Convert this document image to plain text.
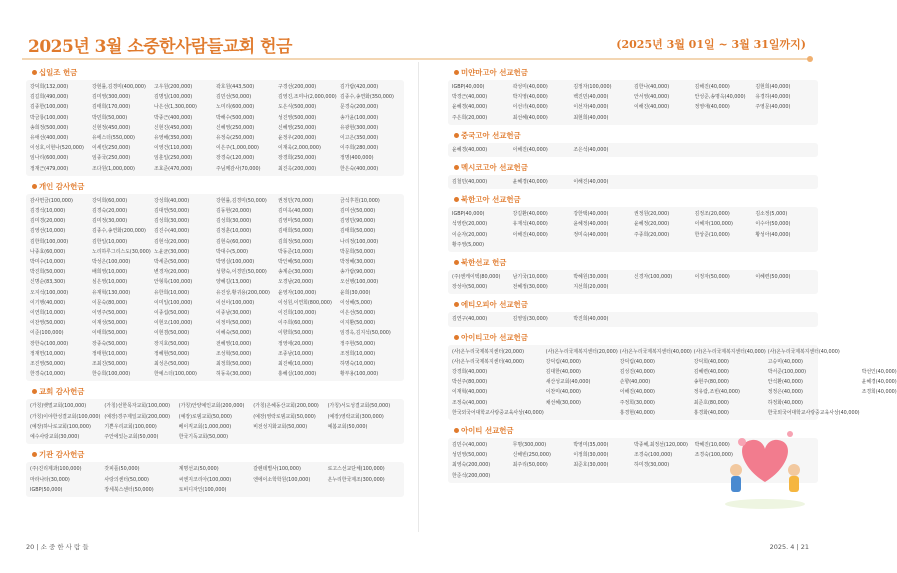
2025년 3월 소중한사람들교회 헌금	(2025년 3월 01일 ~ 3월 31일까지)
십일조 헌금
강덕희(132,000)	강현률,김경미(400,000)	고우원(200,000)	곽호원(443,500)	구경선(200,000)	김가람(420,000)
김길희(490,000)	김미영(300,000)	김명일(100,000)	김민선(50,000)	김영진,조미나(2,000,000) 김종수,송연화(350,000)
김종한(100,000)	김태희(170,000)	나은선(1,300,000)	노미리(600,000)	도은식(500,000)	문경숙(200,000)
박금룡(100,000)	박민희(50,000)	박종근(400,000)	박해수(500,000)	성진영(500,000)	송가윤(100,000)
송희정(500,000)	신현정(450,000)	신현진(450,000)	신혜영(250,000)	신혜영(250,000)	유광현(300,000)
유애선(400,000)	유에스더(550,000)	유영해(350,000)	유정숙(250,000)	윤정우(200,000)	이고은(350,000)
이성호,이현나(520,000)	이세린(250,000)	이영건(110,000)	이은주(1,000,000)	이재욱(2,000,000)	이주희(280,000)
임나리(600,000)	임종국(250,000)	임훈일(250,000)	장경숙(120,000)	장경희(250,000)	정명(400,000)
정재근(479,000)	조다원(1,000,000)	조효준(470,000)	주님께감사(70,000)	최진옥(200,000)	한은숙(400,000)
개인 감사헌금
감사헌금(100,000)	강덕희(60,000)	강성희(40,000)	강현률,김경미(50,000)	권정민(70,000)	금석후원(10,000)
김경석(10,000)	김경숙(20,000)	김대연(50,000)	김동현(20,000)	김미옥(40,000)	김미선(50,000)
김미경(20,000)	김미정(30,000)	김성희(30,000)	김성희(30,000)	김영미(50,000)	김영민(90,000)
김영선(10,000)	김종수,송연화(200,000)	김진수(40,000)	김정훈(10,000)	김태희(50,000)	김태희(50,000)
김한희(100,000)	김한일(10,000)	김현석(20,000)	김현숙(60,000)	김희정(50,000)	나리정(100,000)
나종효(60,000)	노리하루그리스도(30,000) 노윤균(30,000)	박대수(5,000)	박동준(10,000)	박문희(50,000)
박미수(10,000)	박성은(100,000)	박세준(50,000)	박영실(100,000)	박인혜(50,000)	박정혜(30,000)
박진희(50,000)	배희영(10,000)	변경자(20,000)	성향숙,이경민(50,000)	송계순(30,000)	송가람(90,000)
신명순(83,300)	심은영(10,000)	안형록(100,000)	양혜길(13,000)	오경남(20,000)	오선행(100,000)
오지석(100,000)	유재혁(130,000)	유한희(10,000)	유진상,황귀용(200,000)	윤영자(100,000)	윤희(30,000)
이기행(40,000)	이문숙(80,000)	이미일(100,000)	이선이(100,000)	이성원,이연희(800,000)	이성혜(5,000)
이연희(10,000)	이영주(50,000)	이종섭(50,000)	이종남(30,000)	이진희(100,000)	이은선(50,000)
이찬영(50,000)	이재성(50,000)	이현오(100,000)	이정미(50,000)	이주희(60,000)	이지환(50,000)
이준(100,000)	이태희(50,000)	이현겸(50,000)	이혜숙(50,000)	이향희(50,000)	임경옥,김지석(50,000)
장한숙(100,000)	장종숙(50,000)	장지호(50,000)	전혜영(10,000)	정영애(20,000)	정주현(50,000)
정재헌(10,000)	정태현(10,000)	정혜현(50,000)	조성혁(50,000)	조종남(10,000)	조정희(10,000)
조진영(50,000)	조최진(50,000)	최성은(50,000)	최정희(50,000)	최진혜(10,000)	하명숙(10,000)
한경숙(10,000)	한승희(100,000)	한예스더(100,000)	허동욱(30,000)	홍혜실(100,000)	황부용(100,000)
교회 감사헌금
(가칭)뱃멀교회(100,000)	(가칭)선한목자교회(100,000)	(가칭)안양예인교회(200,000)	(가칭)은혜동산교회(200,000)	(가칭)서도성결교회(50,000)
(가칭)이야한성결교회(100,000) (예장)경주제일교회(200,000)	(예장)로뎀교회(50,000)	(예장)영락로뎀교회(50,000)	(예장)영락교회(300,000)
(예장)하나로교회(100,000)	기쁜우리교회(100,000)	베이직교회(1,000,000)	비전성지화교회(50,000)	예봄교회(50,000)
예수사랑교회(30,000)	주안에있는교회(50,000)	한국기독교회(50,000)
기관 감사헌금
(주)진리제과(100,000)	갓피플(50,000)	계명선교(50,000)	갈렌데별사(100,000)	로고스선교단체(100,000)
마라나타(30,000)	사랑의센터(50,000)	씨엔지코리아(100,000)	엔에이소학학원(100,000)	온누리한국제조(300,000)
IGBP(50,000)	장세북스센터(50,000)	토비디자인(100,000)
미얀마고아 선교헌금
IGBP(40,000)	곽성미(40,000)	김정자(100,000)	김한나(40,000)	김해진(40,000)	김현희(40,000)
박경근(40,000)	박지영(40,000)	백진민(40,000)	안서영(40,000)	안성준,송명옥(40,000)	유경하(40,000)
윤혜경(40,000)	이선녀(40,000)	이선자(40,000)	이해진(40,000)	정영애(40,000)	주영문(40,000)
주은희(20,000)	최선혜(40,000)	최현희(40,000)
중국고아 선교헌금
윤혜경(40,000)	이해진(40,000)	조은석(40,000)
멕시코고아 선교헌금
김철민(40,000)	윤혜경(40,000)	이해진(40,000)
북한고아 선교헌금
IGBP(40,000)	강길환(40,000)	강한택(40,000)	권정원(20,000)	김정조(20,000)	김소정(5,000)
석영란(20,000)	유재석(40,000)	윤혜정(40,000)	윤혜정(20,000)	이혜자(100,000)	이수아(50,000)
이순자(20,000)	이해진(40,000)	정미숙(40,000)	주종희(20,000)	한상준(10,000)	황성아(40,000)
황주영(5,000)
북한선교 헌금
(주)엔케이텍(80,000)	남기국(10,000)	박혜원(30,000)	신경자(100,000)	이정자(50,000)	이혜련(50,000)
장성아(50,000)	전혜정(30,000)	지선희(20,000)
에티오피아 선교헌금
김연구(40,000)	김영임(30,000)	박진희(40,000)
아이티고아 선교헌금
(사)온누리국제복지센터(20,000)	(사)온누리국제복지센터(20,000) (사)온누리국제복지센터(40,000) (사)온누리국제복지센터(40,000) (사)온누리국제복지센터(40,000)
(사)온누리국제복지센터(40,000)	강덕림(40,000)	강덕림(40,000)	강덕희(40,000)	고승미(40,000)
강경희(40,000)	김대한(40,000)	김성진(40,000)	김혜련(40,000)	박서준(100,000)	박선인(40,000)
박선주(80,000)	새산성교회(40,000)	손향(40,000)	송현주(80,000)	안석환(40,000)	윤혜경(40,000)
이재혁(40,000)	이찬미(40,000)	이해진(40,000)	정유람,조빈(40,000)	정정은(40,000)	조경희(40,000)
조정숙(40,000)	채선혜(30,000)	주정희(30,000)	최준호(80,000)	하정화(40,000)
한국외국어대학교사랑중교육사상(40,000)	홍경현(40,000)	홍경화(40,000)	한국외국어대학교사랑중교육사상(40,000)
아이티 선교헌금
김민수(40,000)	무명(300,000)	박영미(35,000)	박종혜,최정선(120,000)	박혜진(10,000)
성민영(50,000)	신해빈(250,000)	이정희(30,000)	조경숙(100,000)	조경숙(100,000)
최영숙(200,000)	최주리(50,000)	최준호(30,000)	하미경(30,000)
한준석(200,000)
20 | 소 중 한 사 람 들	2025. 4 | 21
